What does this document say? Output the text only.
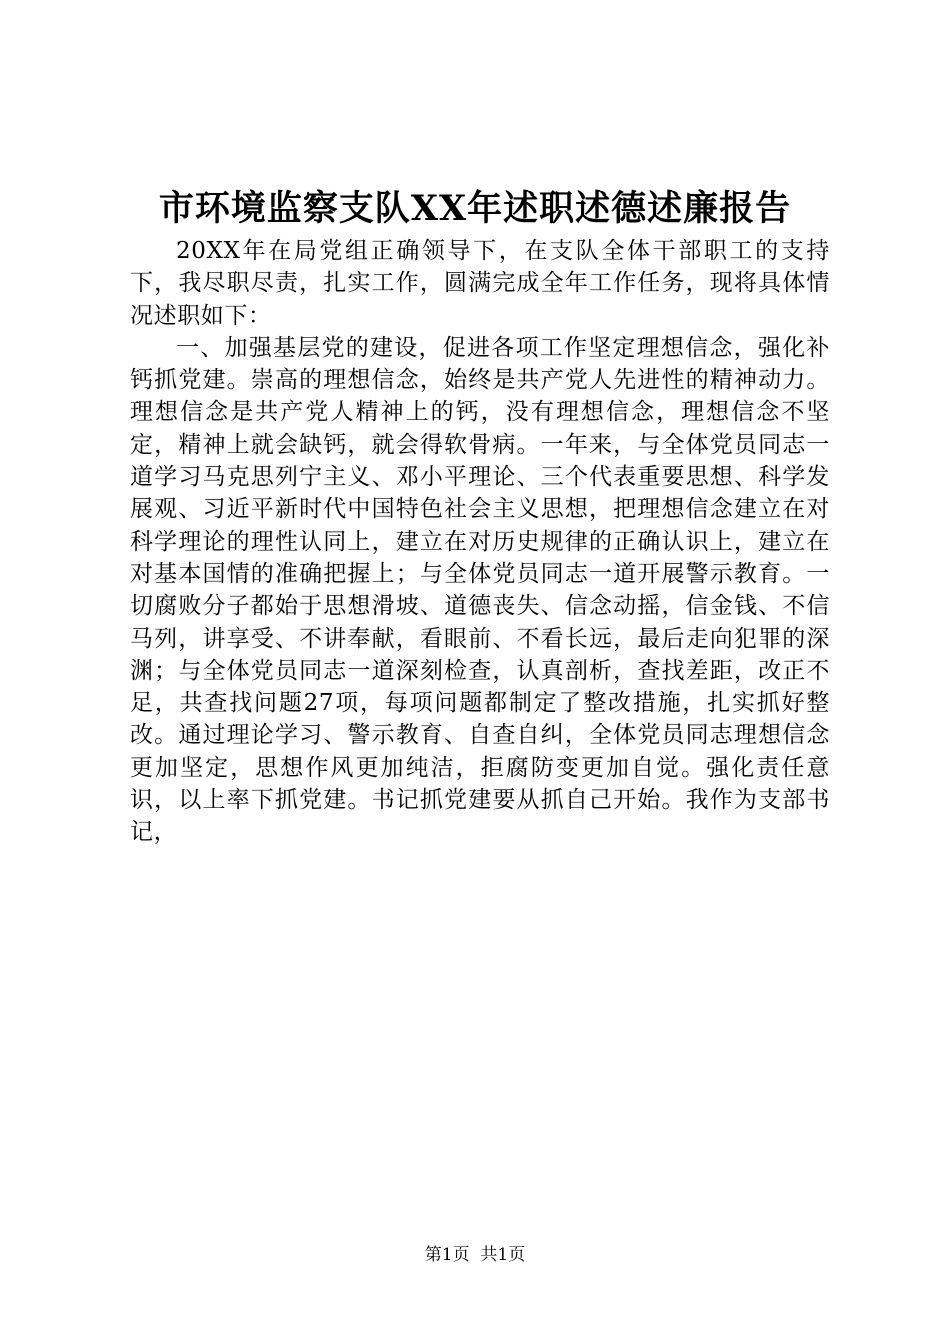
市环境监察支队XX年述职述德述廉报告

20XX年在局党组正确领导下，在支队全体干部职工的支持下，我尽职尽责，扎实工作，圆满完成全年工作任务，现将具体情况述职如下：

一、加强基层党的建设，促进各项工作坚定理想信念，强化补钙抓党建。崇高的理想信念，始终是共产党人先进性的精神动力。理想信念是共产党人精神上的钙，没有理想信念，理想信念不坚定，精神上就会缺钙，就会得软骨病。一年来，与全体党员同志一道学习马克思列宁主义、邓小平理论、三个代表重要思想、科学发展观、习近平新时代中国特色社会主义思想，把理想信念建立在对科学理论的理性认同上，建立在对历史规律的正确认识上，建立在对基本国情的准确把握上；与全体党员同志一道开展警示教育。一切腐败分子都始于思想滑坡、道德丧失、信念动摇，信金钱、不信马列，讲享受、不讲奉献，看眼前、不看长远，最后走向犯罪的深渊；与全体党员同志一道深刻检查，认真剖析，查找差距，改正不足，共查找问题27项，每项问题都制定了整改措施，扎实抓好整改。通过理论学习、警示教育、自查自纠，全体党员同志理想信念更加坚定，思想作风更加纯洁，拒腐防变更加自觉。强化责任意识，以上率下抓党建。书记抓党建要从抓自己开始。我作为支部书记，

第1页  共1页
